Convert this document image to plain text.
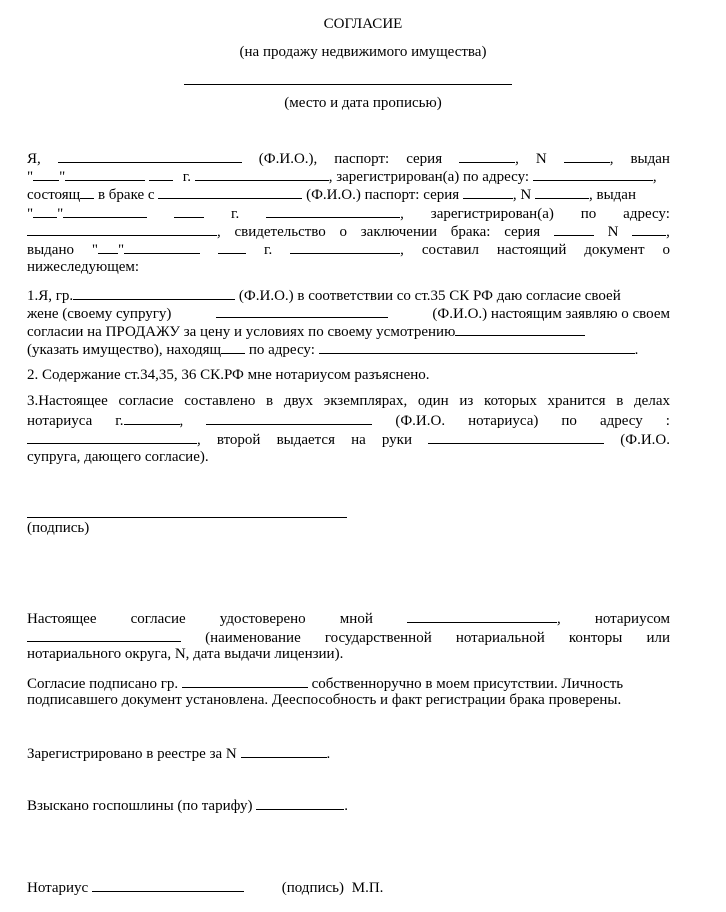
СОГЛАСИЕ
(на продажу недвижимого имущества)
(место и дата прописью)
Я,	(Ф.И.О.), паспорт: серия	, N	, выдан
" "	г.	, зарегистрирован(а) по адресу:	,
состоящ в браке с	(Ф.И.О.) паспорт: серия	, N	, выдан
" "	г.	, зарегистрирован(а) по адресу:
, свидетельство о заключении брака: серия	N	,
выдано " "	г.	, составил настоящий документ о
нижеследующем:
1.Я, гр.	(Ф.И.О.) в соответствии со ст.35 СК РФ даю согласие своей
жене (своему супругу)	(Ф.И.О.) настоящим заявляю о своем
согласии на ПРОДАЖУ за цену и условиях по своему усмотрению
(указать имущество), находящ по адресу:	.
2. Содержание ст.34,35, 36 СК.РФ мне нотариусом разъяснено.
3.Настоящее согласие составлено в двух экземплярах, один из которых хранится в делах
нотариуса г.	,	(Ф.И.О. нотариуса) по адресу :
, второй выдается на руки	(Ф.И.О.
супруга, дающего согласие).
(подпись)
Настоящее согласие удостоверено мной	, нотариусом
(наименование государственной нотариальной конторы или
нотариального округа, N, дата выдачи лицензии).
Согласие подписано гр.	собственноручно в моем присутствии. Личность
подписавшего документ установлена. Дееспособность и факт регистрации брака проверены.
Зарегистрировано в реестре за N	.
Взыскано госпошлины (по тарифу)	.
Нотариус	(подпись) М.П.
